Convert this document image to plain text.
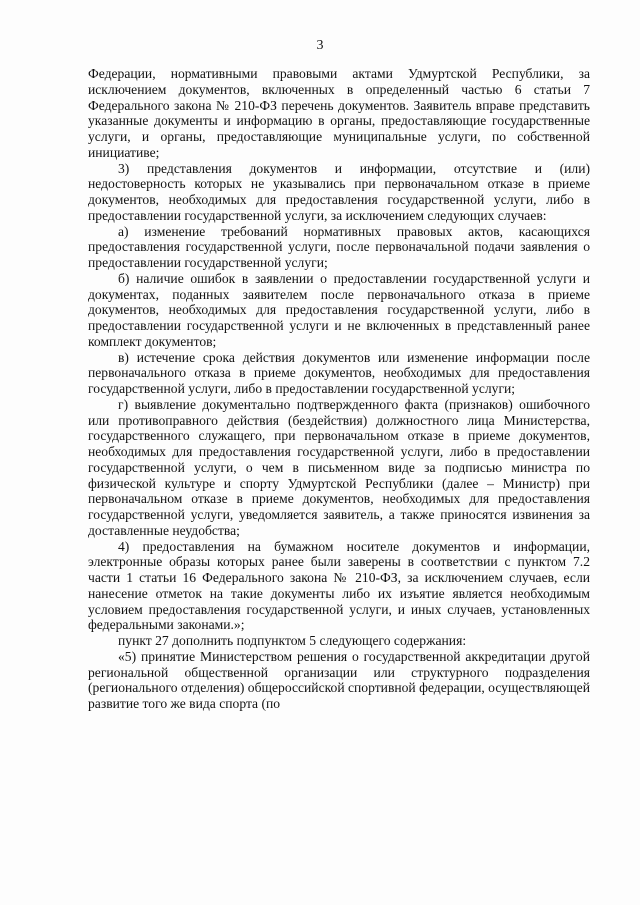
3

Федерации, нормативными правовыми актами Удмуртской Республики, за исключением документов, включенных в определенный частью 6 статьи 7 Федерального закона № 210-ФЗ перечень документов. Заявитель вправе представить указанные документы и информацию в органы, предоставляющие государственные услуги, и органы, предоставляющие муниципальные услуги, по собственной инициативе;

3) представления документов и информации, отсутствие и (или) недостоверность которых не указывались при первоначальном отказе в приеме документов, необходимых для предоставления государственной услуги, либо в предоставлении государственной услуги, за исключением следующих случаев:

а) изменение требований нормативных правовых актов, касающихся предоставления государственной услуги, после первоначальной подачи заявления о предоставлении государственной услуги;

б) наличие ошибок в заявлении о предоставлении государственной услуги и документах, поданных заявителем после первоначального отказа в приеме документов, необходимых для предоставления государственной услуги, либо в предоставлении государственной услуги и не включенных в представленный ранее комплект документов;

в) истечение срока действия документов или изменение информации после первоначального отказа в приеме документов, необходимых для предоставления государственной услуги, либо в предоставлении государственной услуги;

г) выявление документально подтвержденного факта (признаков) ошибочного или противоправного действия (бездействия) должностного лица Министерства, государственного служащего, при первоначальном отказе в приеме документов, необходимых для предоставления государственной услуги, либо в предоставлении государственной услуги, о чем в письменном виде за подписью министра по физической культуре и спорту Удмуртской Республики (далее – Министр) при первоначальном отказе в приеме документов, необходимых для предоставления государственной услуги, уведомляется заявитель, а также приносятся извинения за доставленные неудобства;

4) предоставления на бумажном носителе документов и информации, электронные образы которых ранее были заверены в соответствии с пунктом 7.2 части 1 статьи 16 Федерального закона № 210-ФЗ, за исключением случаев, если нанесение отметок на такие документы либо их изъятие является необходимым условием предоставления государственной услуги, и иных случаев, установленных федеральными законами.»;

пункт 27 дополнить подпунктом 5 следующего содержания:

«5) принятие Министерством решения о государственной аккредитации другой региональной общественной организации или структурного подразделения (регионального отделения) общероссийской спортивной федерации, осуществляющей развитие того же вида спорта (по
